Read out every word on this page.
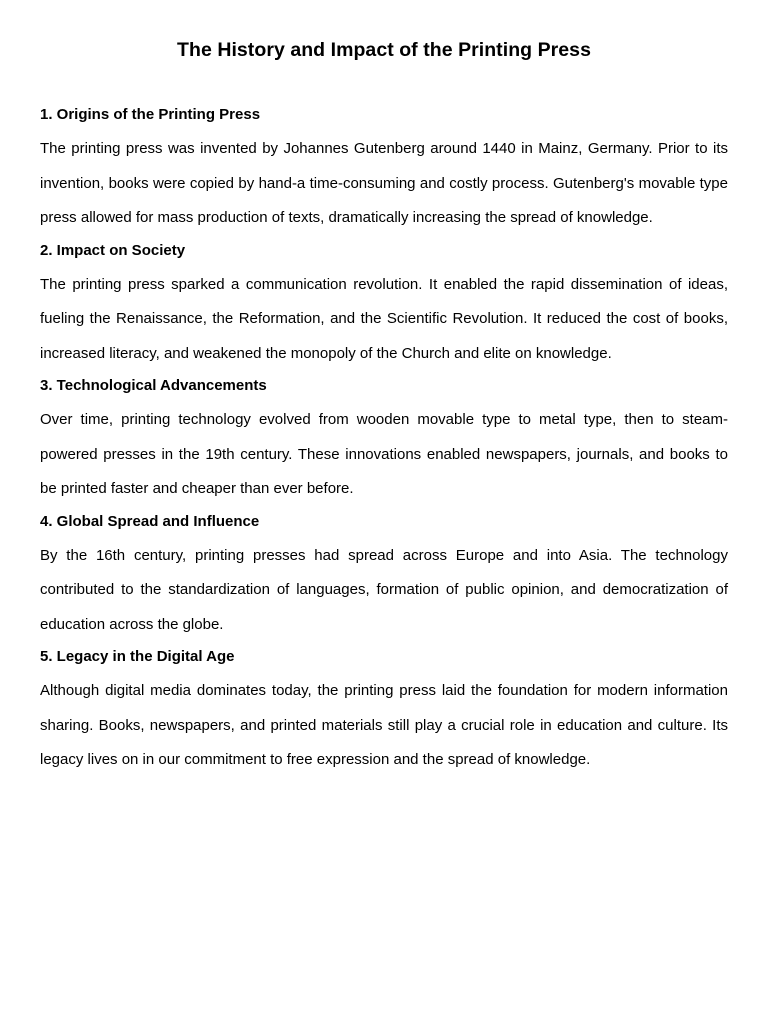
The History and Impact of the Printing Press
1. Origins of the Printing Press

The printing press was invented by Johannes Gutenberg around 1440 in Mainz, Germany. Prior to its invention, books were copied by hand-a time-consuming and costly process. Gutenberg's movable type press allowed for mass production of texts, dramatically increasing the spread of knowledge.

2. Impact on Society

The printing press sparked a communication revolution. It enabled the rapid dissemination of ideas, fueling the Renaissance, the Reformation, and the Scientific Revolution. It reduced the cost of books, increased literacy, and weakened the monopoly of the Church and elite on knowledge.

3. Technological Advancements

Over time, printing technology evolved from wooden movable type to metal type, then to steam-powered presses in the 19th century. These innovations enabled newspapers, journals, and books to be printed faster and cheaper than ever before.

4. Global Spread and Influence

By the 16th century, printing presses had spread across Europe and into Asia. The technology contributed to the standardization of languages, formation of public opinion, and democratization of education across the globe.

5. Legacy in the Digital Age

Although digital media dominates today, the printing press laid the foundation for modern information sharing. Books, newspapers, and printed materials still play a crucial role in education and culture. Its legacy lives on in our commitment to free expression and the spread of knowledge.
